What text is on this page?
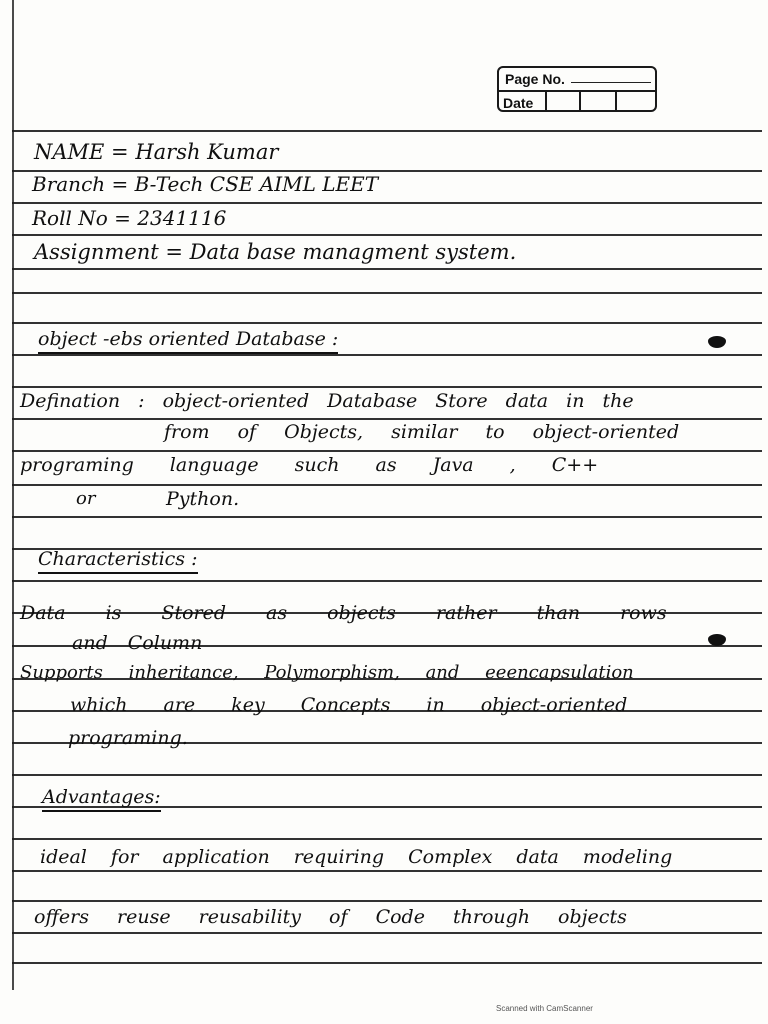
Page No.
Date
NAME = Harsh Kumar
Branch = B-Tech CSE AIML LEET
Roll No = 2341116
Assignment = Data base managment system.
object -ebs oriented Database :
Defination : object-oriented Database Store data in the
from of Objects, similar to object-oriented
programing language such as Java , C++
or	Python.
Characteristics :
Data is Stored as objects rather than rows
and Column
Supports inheritance, Polymorphism, and eeencapsulation
which are key Concepts in object-oriented
programing.
Advantages:
ideal for application requiring Complex data modeling
offers reuse reusability of Code through objects
Scanned with CamScanner
